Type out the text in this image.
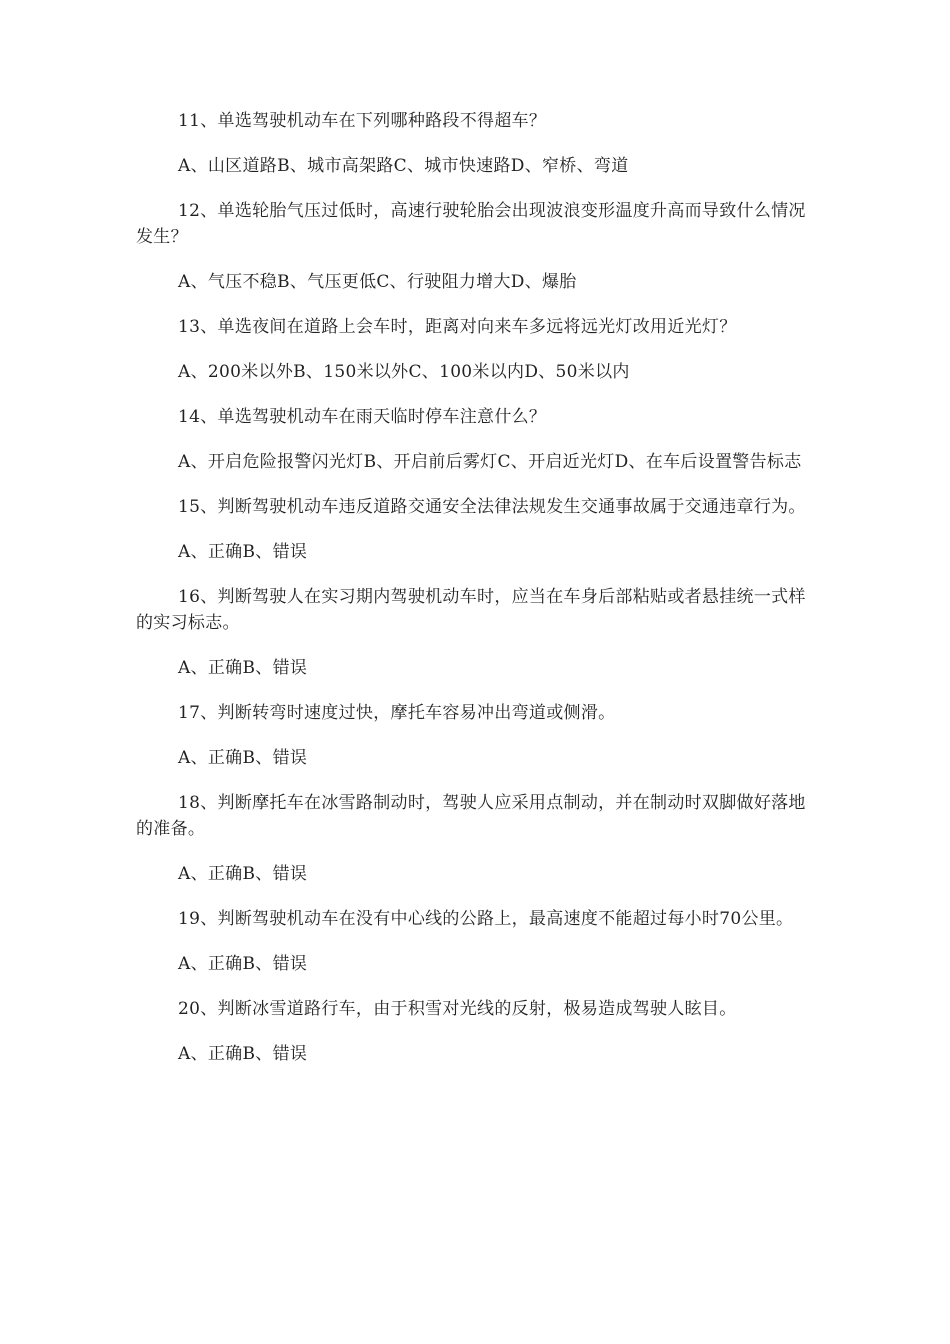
11、单选驾驶机动车在下列哪种路段不得超车？

A、山区道路B、城市高架路C、城市快速路D、窄桥、弯道

12、单选轮胎气压过低时，高速行驶轮胎会出现波浪变形温度升高而导致什么情况发生？

A、气压不稳B、气压更低C、行驶阻力增大D、爆胎

13、单选夜间在道路上会车时，距离对向来车多远将远光灯改用近光灯？

A、200米以外B、150米以外C、100米以内D、50米以内

14、单选驾驶机动车在雨天临时停车注意什么？

A、开启危险报警闪光灯B、开启前后雾灯C、开启近光灯D、在车后设置警告标志

15、判断驾驶机动车违反道路交通安全法律法规发生交通事故属于交通违章行为。

A、正确B、错误

16、判断驾驶人在实习期内驾驶机动车时，应当在车身后部粘贴或者悬挂统一式样的实习标志。

A、正确B、错误

17、判断转弯时速度过快，摩托车容易冲出弯道或侧滑。

A、正确B、错误

18、判断摩托车在冰雪路制动时，驾驶人应采用点制动，并在制动时双脚做好落地的准备。

A、正确B、错误

19、判断驾驶机动车在没有中心线的公路上，最高速度不能超过每小时70公里。

A、正确B、错误

20、判断冰雪道路行车，由于积雪对光线的反射，极易造成驾驶人眩目。

A、正确B、错误
